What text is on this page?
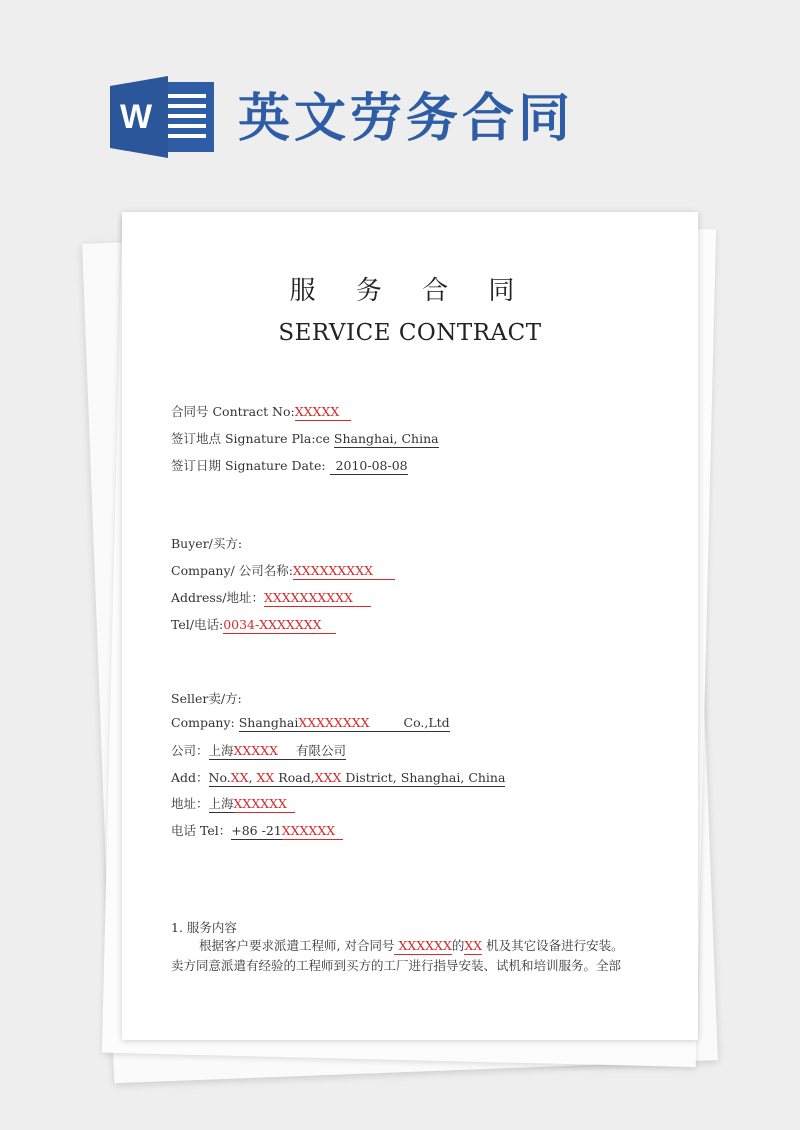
W 英文劳务合同
服 务 合 同
SERVICE CONTRACT
合同号 Contract No:XXXXX
签订地点 Signature Pla:ce Shanghai, China
签订日期 Signature Date: 2010-08-08
Buyer/买方:
Company/ 公司名称:XXXXXXXXX
Address/地址：XXXXXXXXXX
Tel/电话:0034-XXXXXXX
Seller卖/方:
Company: ShanghaiXXXXXXXX	Co.,Ltd
公司：上海XXXXX 有限公司
Add：No.XX, XX Road,XXX District, Shanghai, China
地址：上海XXXXXX
电话 Tel：+86 -21XXXXXX
1. 服务内容
根据客户要求派遣工程师, 对合同号 XXXXXX的XX 机及其它设备进行安装。
卖方同意派遣有经验的工程师到买方的工厂进行指导安装、试机和培训服务。全部
